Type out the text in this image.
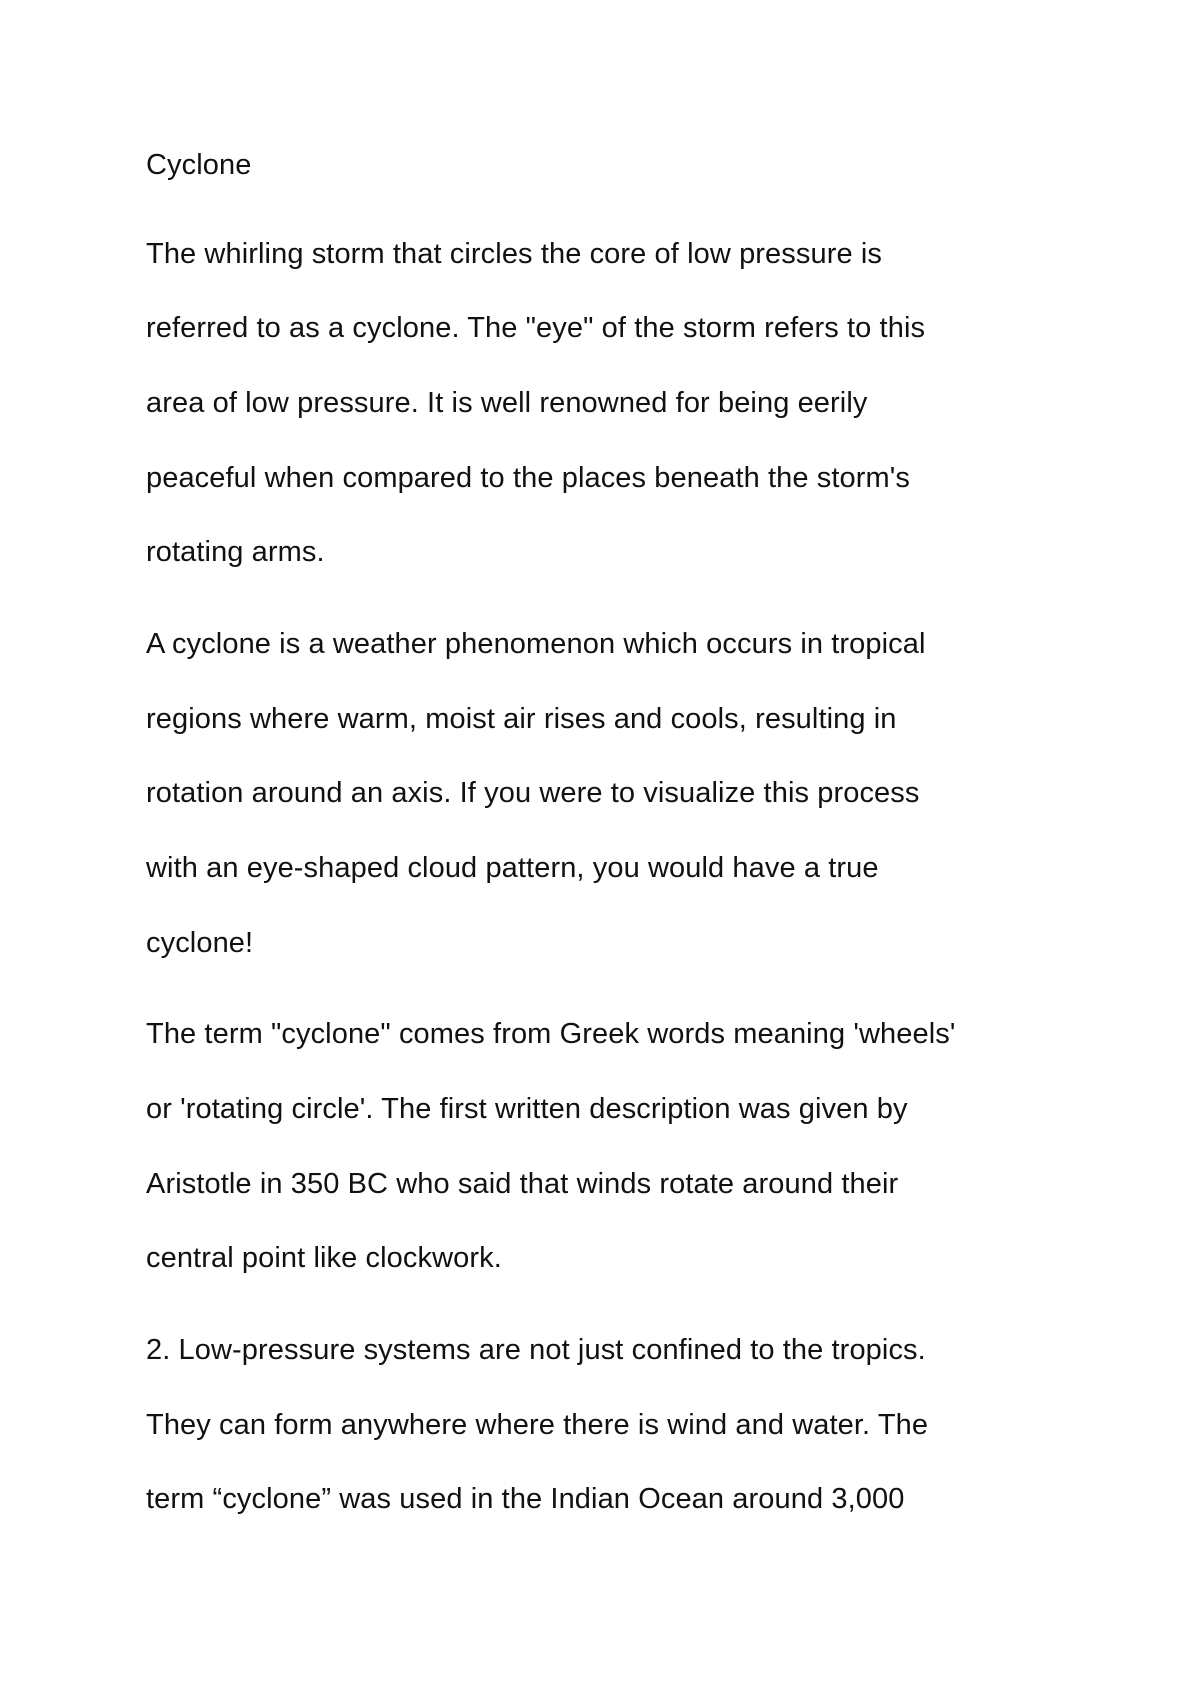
Cyclone
The whirling storm that circles the core of low pressure is
referred to as a cyclone. The "eye" of the storm refers to this
area of low pressure. It is well renowned for being eerily
peaceful when compared to the places beneath the storm's
rotating arms.
A cyclone is a weather phenomenon which occurs in tropical
regions where warm, moist air rises and cools, resulting in
rotation around an axis. If you were to visualize this process
with an eye-shaped cloud pattern, you would have a true
cyclone!
The term "cyclone" comes from Greek words meaning 'wheels'
or 'rotating circle'. The first written description was given by
Aristotle in 350 BC who said that winds rotate around their
central point like clockwork.
2. Low-pressure systems are not just confined to the tropics.
They can form anywhere where there is wind and water. The
term “cyclone” was used in the Indian Ocean around 3,000
